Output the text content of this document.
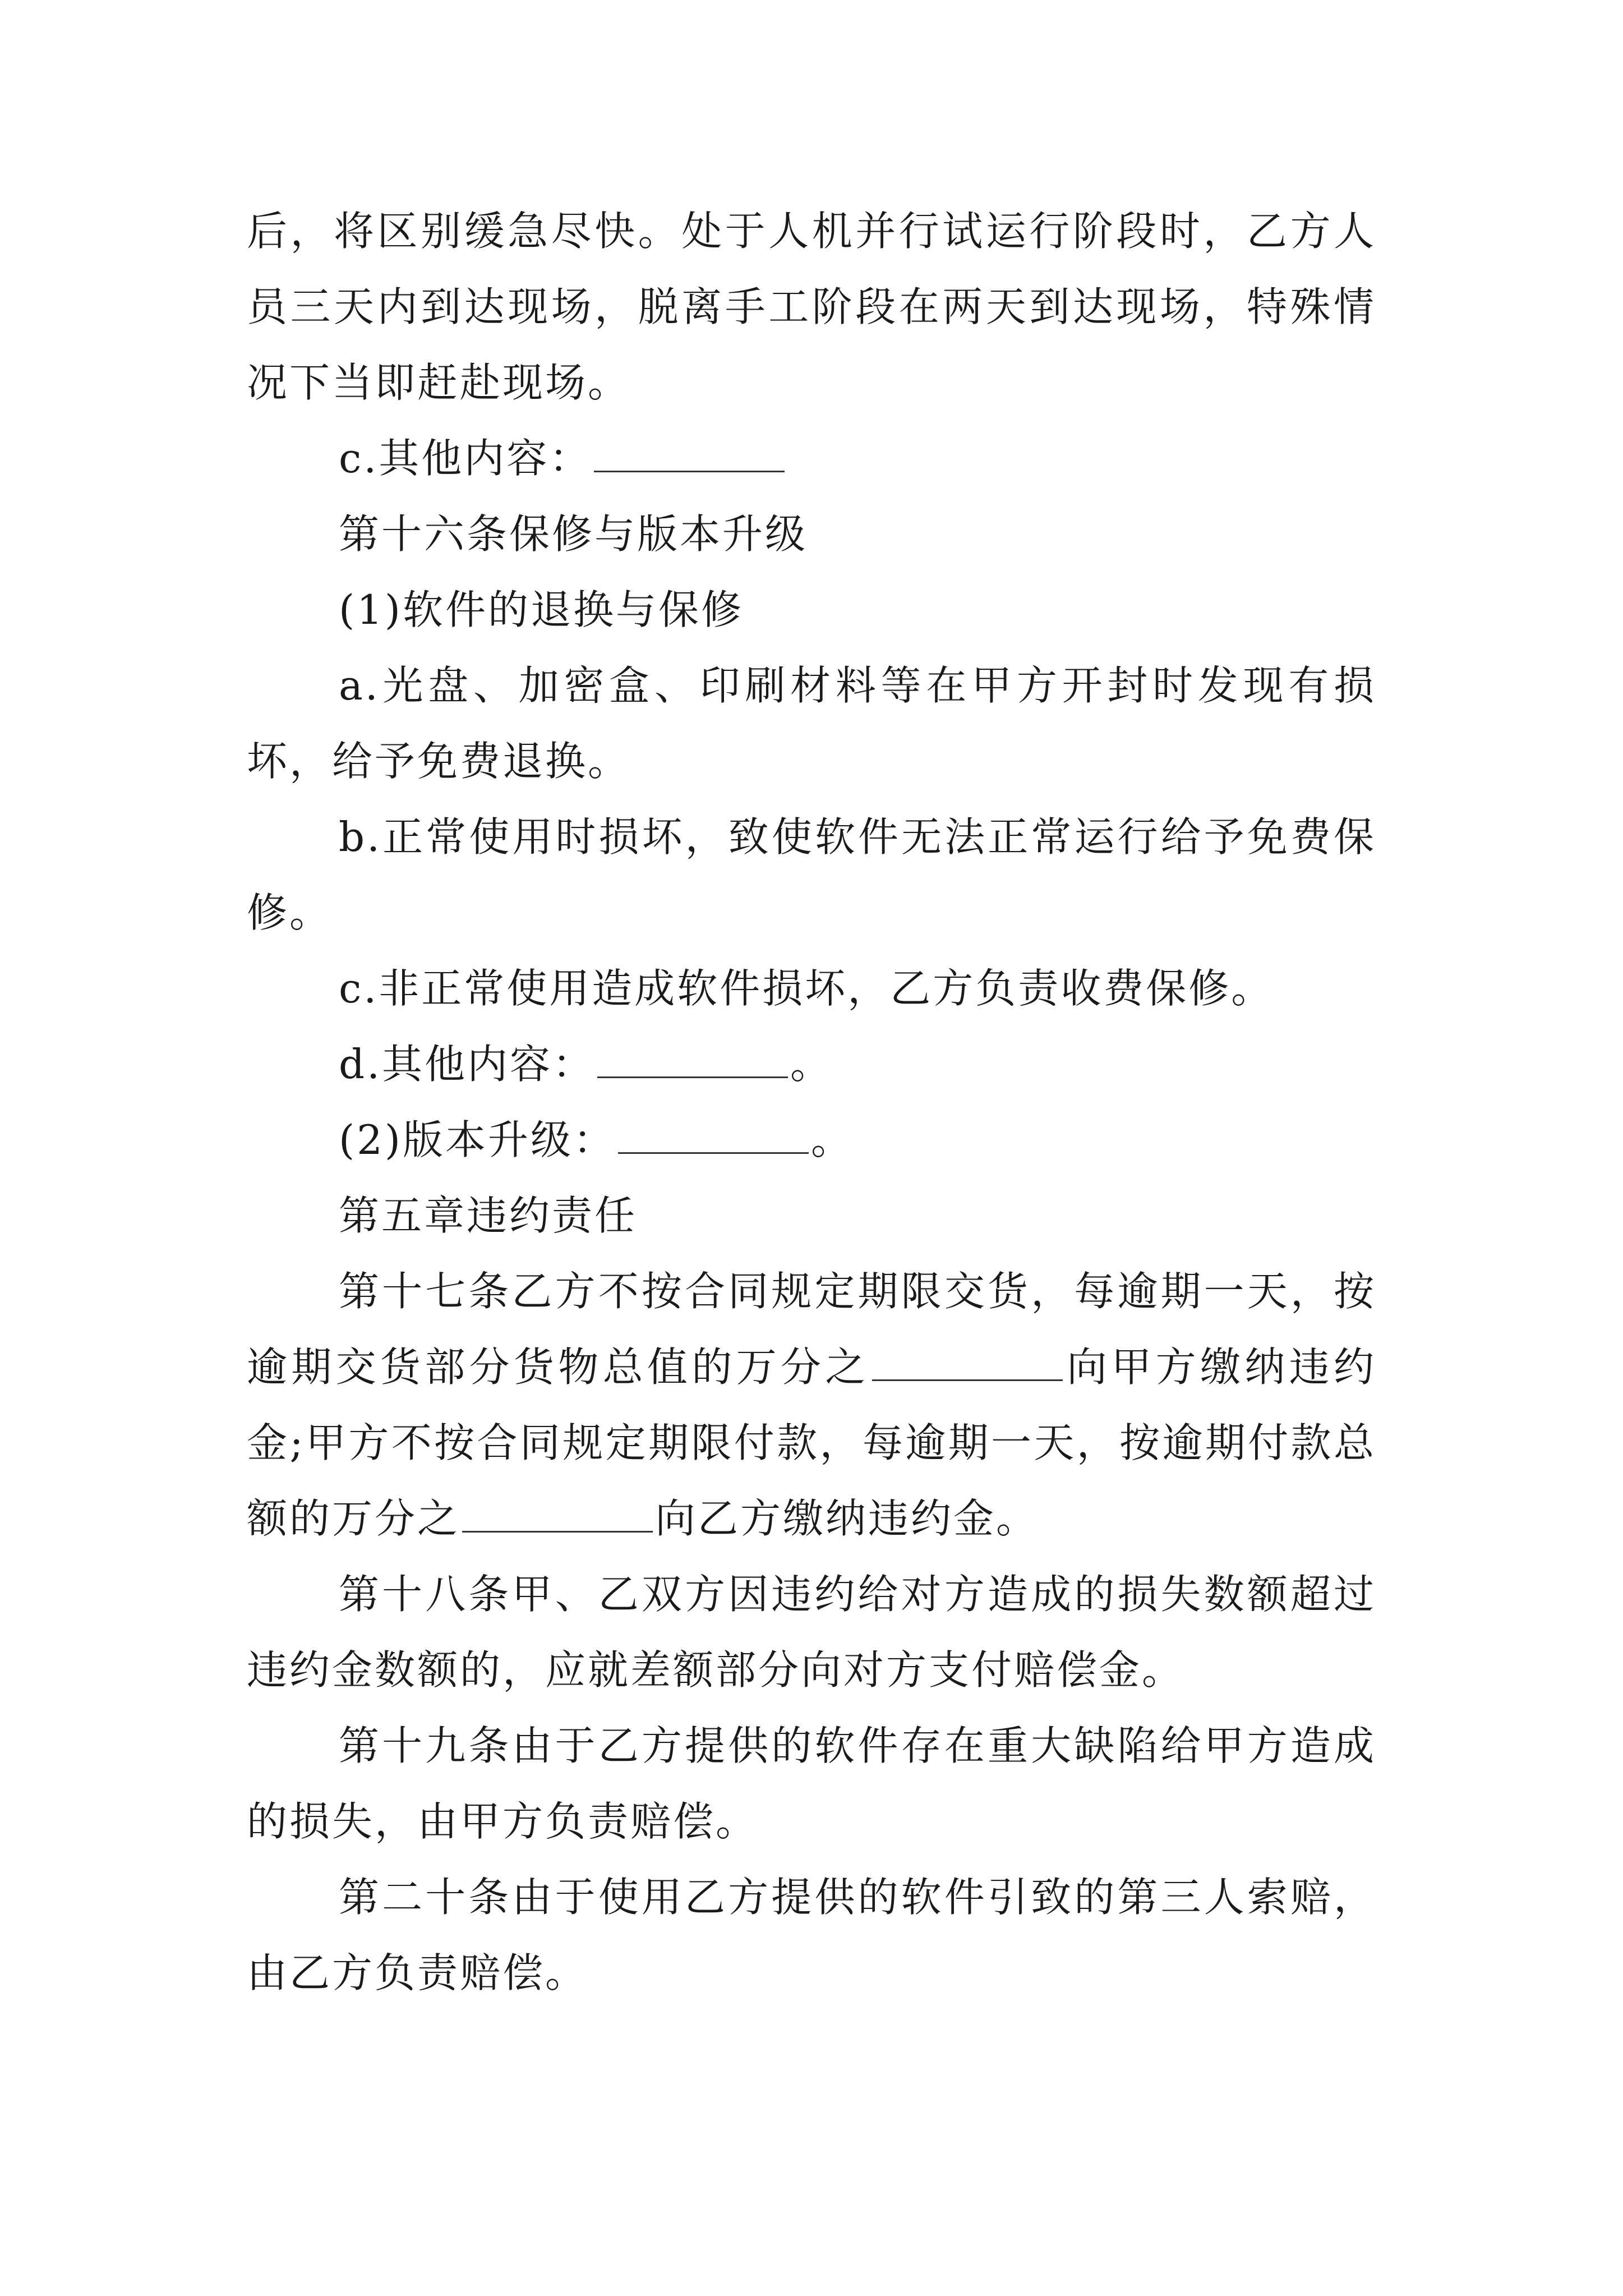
后，将区别缓急尽快。处于人机并行试运行阶段时，乙方人员三天内到达现场，脱离手工阶段在两天到达现场，特殊情况下当即赶赴现场。

c.其他内容：

第十六条保修与版本升级

(1)软件的退换与保修

a.光盘、加密盒、印刷材料等在甲方开封时发现有损坏，给予免费退换。

b.正常使用时损坏，致使软件无法正常运行给予免费保修。

c.非正常使用造成软件损坏，乙方负责收费保修。

d.其他内容：	。

(2)版本升级：	。

第五章违约责任

第十七条乙方不按合同规定期限交货，每逾期一天，按逾期交货部分货物总值的万分之	向甲方缴纳违约金;甲方不按合同规定期限付款，每逾期一天，按逾期付款总额的万分之	向乙方缴纳违约金。

第十八条甲、乙双方因违约给对方造成的损失数额超过违约金数额的，应就差额部分向对方支付赔偿金。

第十九条由于乙方提供的软件存在重大缺陷给甲方造成的损失，由甲方负责赔偿。

第二十条由于使用乙方提供的软件引致的第三人索赔，由乙方负责赔偿。
